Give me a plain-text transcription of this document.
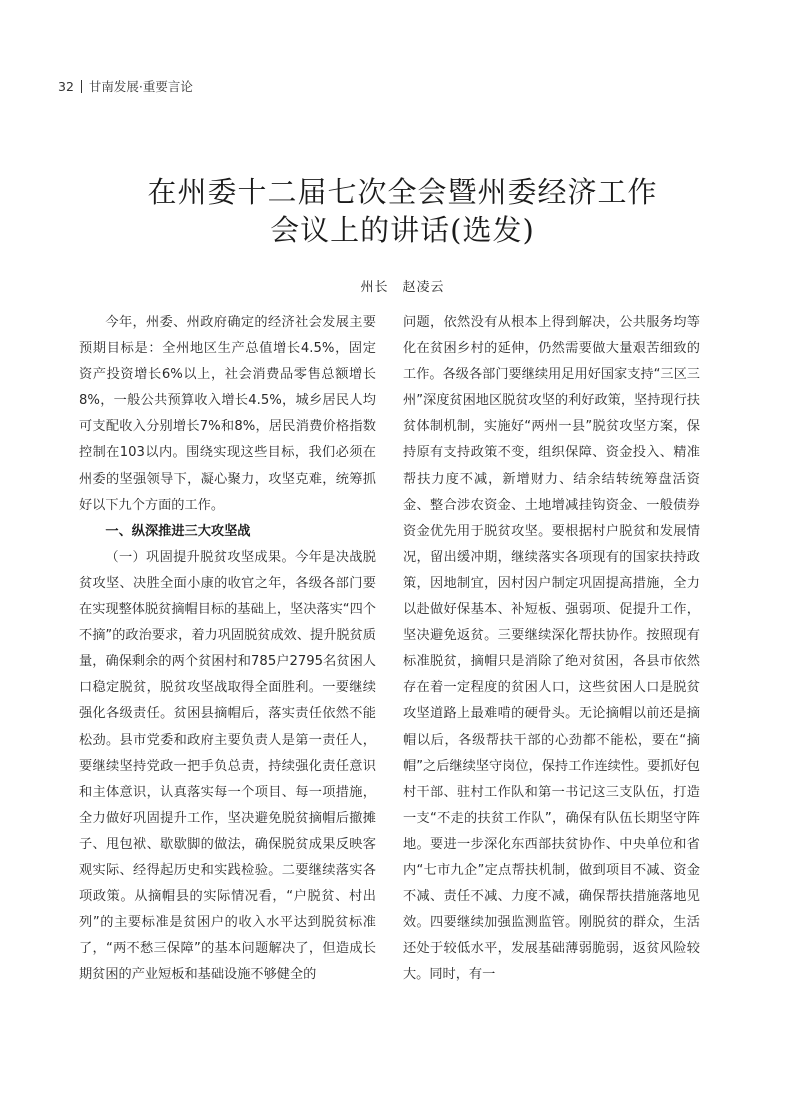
32 甘南发展·重要言论
在州委十二届七次全会暨州委经济工作
会议上的讲话(选发)
州长 赵凌云

今年，州委、州政府确定的经济社会发展主要预期目标是：全州地区生产总值增长4.5%，固定资产投资增长6%以上，社会消费品零售总额增长8%，一般公共预算收入增长4.5%，城乡居民人均可支配收入分别增长7%和8%，居民消费价格指数控制在103以内。围绕实现这些目标，我们必须在州委的坚强领导下，凝心聚力，攻坚克难，统筹抓好以下九个方面的工作。

一、纵深推进三大攻坚战

（一）巩固提升脱贫攻坚成果。今年是决战脱贫攻坚、决胜全面小康的收官之年，各级各部门要在实现整体脱贫摘帽目标的基础上，坚决落实“四个不摘”的政治要求，着力巩固脱贫成效、提升脱贫质量，确保剩余的两个贫困村和785户2795名贫困人口稳定脱贫，脱贫攻坚战取得全面胜利。一要继续强化各级责任。贫困县摘帽后，落实责任依然不能松劲。县市党委和政府主要负责人是第一责任人，要继续坚持党政一把手负总责，持续强化责任意识和主体意识，认真落实每一个项目、每一项措施，全力做好巩固提升工作，坚决避免脱贫摘帽后撤摊子、甩包袱、歇歇脚的做法，确保脱贫成果反映客观实际、经得起历史和实践检验。二要继续落实各项政策。从摘帽县的实际情况看，“户脱贫、村出列”的主要标准是贫困户的收入水平达到脱贫标准了，“两不愁三保障”的基本问题解决了，但造成长期贫困的产业短板和基础设施不够健全的

问题，依然没有从根本上得到解决，公共服务均等化在贫困乡村的延伸，仍然需要做大量艰苦细致的工作。各级各部门要继续用足用好国家支持“三区三州”深度贫困地区脱贫攻坚的利好政策，坚持现行扶贫体制机制，实施好“两州一县”脱贫攻坚方案，保持原有支持政策不变，组织保障、资金投入、精准帮扶力度不减，新增财力、结余结转统筹盘活资金、整合涉农资金、土地增减挂钩资金、一般债券资金优先用于脱贫攻坚。要根据村户脱贫和发展情况，留出缓冲期，继续落实各项现有的国家扶持政策，因地制宜，因村因户制定巩固提高措施，全力以赴做好保基本、补短板、强弱项、促提升工作，坚决避免返贫。三要继续深化帮扶协作。按照现有标准脱贫，摘帽只是消除了绝对贫困，各县市依然存在着一定程度的贫困人口，这些贫困人口是脱贫攻坚道路上最难啃的硬骨头。无论摘帽以前还是摘帽以后，各级帮扶干部的心劲都不能松，要在“摘帽”之后继续坚守岗位，保持工作连续性。要抓好包村干部、驻村工作队和第一书记这三支队伍，打造一支“不走的扶贫工作队”，确保有队伍长期坚守阵地。要进一步深化东西部扶贫协作、中央单位和省内“七市九企”定点帮扶机制，做到项目不减、资金不减、责任不减、力度不减，确保帮扶措施落地见效。四要继续加强监测监管。刚脱贫的群众，生活还处于较低水平，发展基础薄弱脆弱，返贫风险较大。同时，有一
